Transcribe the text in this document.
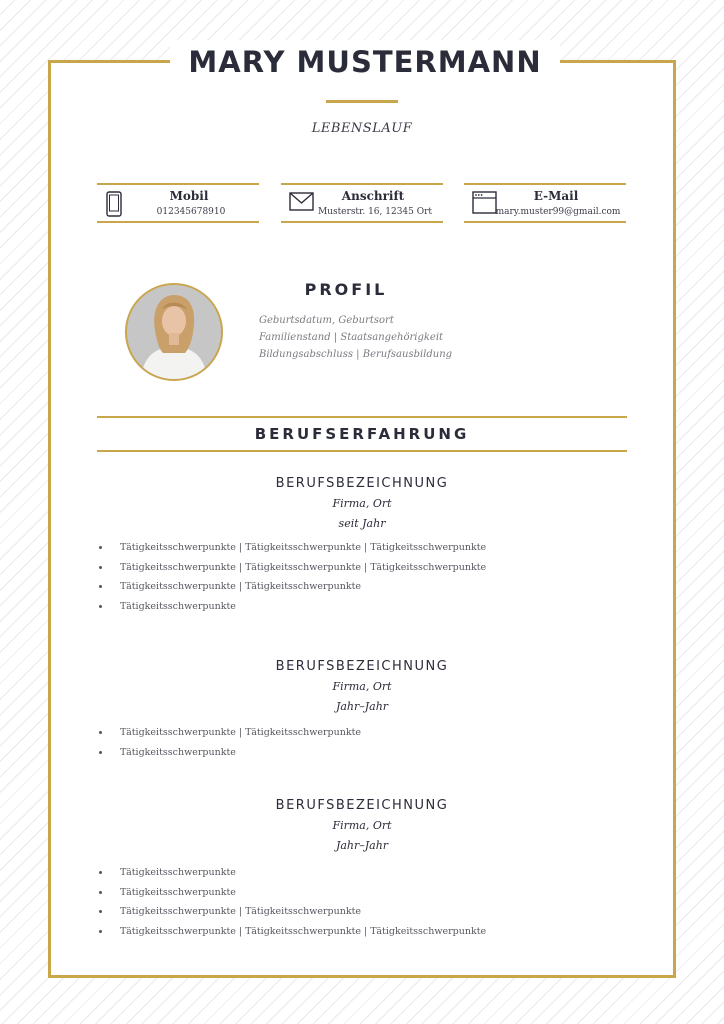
MARY MUSTERMANN
LEBENSLAUF
Mobil
012345678910
Anschrift
Musterstr. 16, 12345 Ort
E-Mail
mary.muster99@gmail.com
PROFIL
Geburtsdatum, Geburtsort
Familienstand | Staatsangehörigkeit
Bildungsabschluss | Berufsausbildung
BERUFSERFAHRUNG
BERUFSBEZEICHNUNG
Firma, Ort
seit Jahr
Tätigkeitsschwerpunkte | Tätigkeitsschwerpunkte | Tätigkeitsschwerpunkte
Tätigkeitsschwerpunkte | Tätigkeitsschwerpunkte | Tätigkeitsschwerpunkte
Tätigkeitsschwerpunkte | Tätigkeitsschwerpunkte
Tätigkeitsschwerpunkte
BERUFSBEZEICHNUNG
Firma, Ort
Jahr–Jahr
Tätigkeitsschwerpunkte | Tätigkeitsschwerpunkte
Tätigkeitsschwerpunkte
BERUFSBEZEICHNUNG
Firma, Ort
Jahr–Jahr
Tätigkeitsschwerpunkte
Tätigkeitsschwerpunkte
Tätigkeitsschwerpunkte | Tätigkeitsschwerpunkte
Tätigkeitsschwerpunkte | Tätigkeitsschwerpunkte | Tätigkeitsschwerpunkte
